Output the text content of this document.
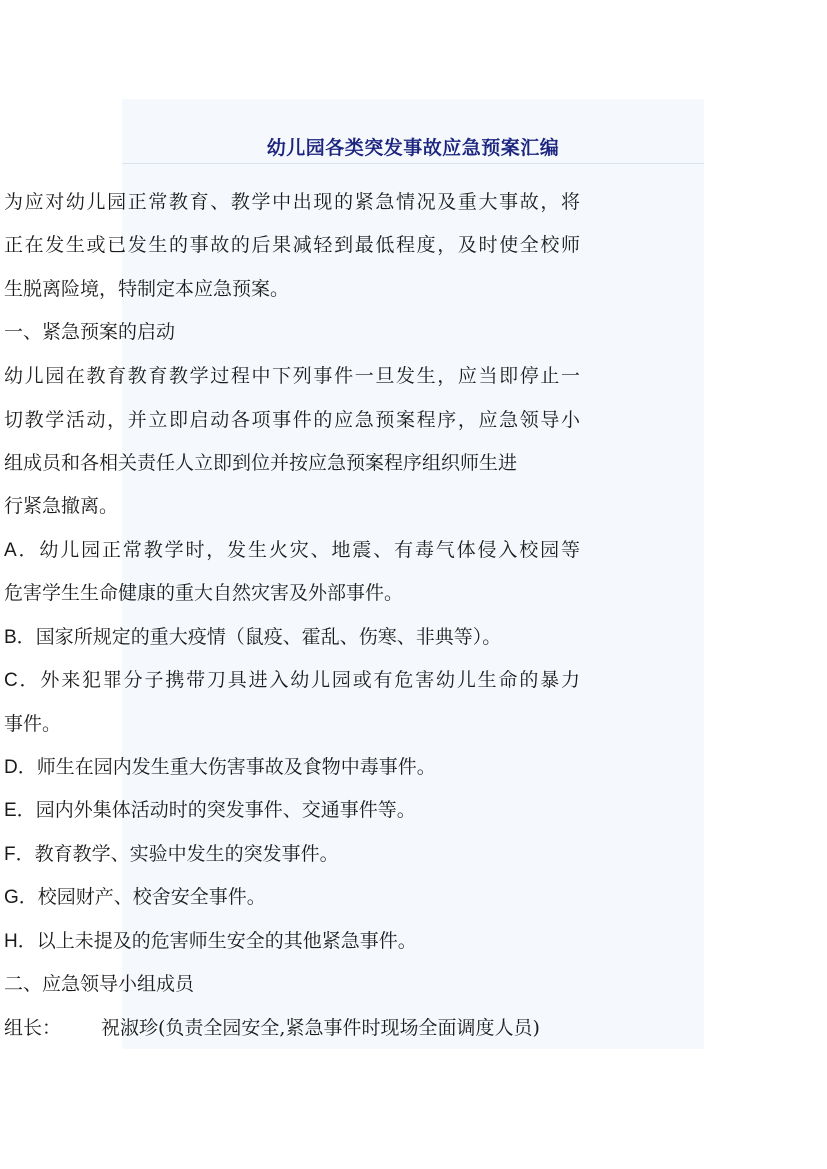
幼儿园各类突发事故应急预案汇编
为应对幼儿园正常教育、教学中出现的紧急情况及重大事故，将
正在发生或已发生的事故的后果减轻到最低程度，及时使全校师
生脱离险境，特制定本应急预案。
一、紧急预案的启动
幼儿园在教育教育教学过程中下列事件一旦发生，应当即停止一
切教学活动，并立即启动各项事件的应急预案程序，应急领导小
组成员和各相关责任人立即到位并按应急预案程序组织师生进
行紧急撤离。
A．幼儿园正常教学时，发生火灾、地震、有毒气体侵入校园等
危害学生生命健康的重大自然灾害及外部事件。
B．国家所规定的重大疫情（鼠疫、霍乱、伤寒、非典等）。
C．外来犯罪分子携带刀具进入幼儿园或有危害幼儿生命的暴力
事件。
D．师生在园内发生重大伤害事故及食物中毒事件。
E．园内外集体活动时的突发事件、交通事件等。
F．教育教学、实验中发生的突发事件。
G．校园财产、校舍安全事件。
H．以上未提及的危害师生安全的其他紧急事件。
二、应急领导小组成员
组长： 祝淑珍(负责全园安全,紧急事件时现场全面调度人员)
